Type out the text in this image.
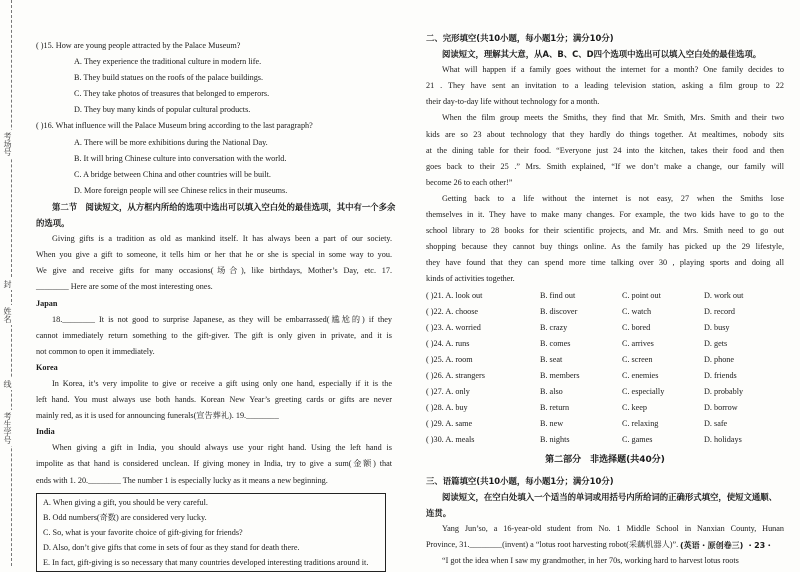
考场号
封
姓名
线
考生学号
( )15. How are young people attracted by the Palace Museum?
A. They experience the traditional culture in modern life.
B. They build statues on the roofs of the palace buildings.
C. They take photos of treasures that belonged to emperors.
D. They buy many kinds of popular cultural products.
( )16. What influence will the Palace Museum bring according to the last paragraph?
A. There will be more exhibitions during the National Day.
B. It will bring Chinese culture into conversation with the world.
C. A bridge between China and other countries will be built.
D. More foreign people will see Chinese relics in their museums.
第二节　阅读短文，从方框内所给的选项中选出可以填入空白处的最佳选项，其中有一个多余
的选项。
Giving gifts is a tradition as old as mankind itself. It has always been a part of our society.
When you give a gift to someone, it tells him or her that he or she is special in some way to you.
We give and receive gifts for many occasions(场合), like birthdays, Mother’s Day, etc. 17.
________ Here are some of the most interesting ones.
Japan
18.________ It is not good to surprise Japanese, as they will be embarrassed(尴尬的) if they
cannot immediately return something to the gift-giver. The gift is only given in private, and it is
not common to open it immediately.
Korea
In Korea, it’s very impolite to give or receive a gift using only one hand, especially if it is the
left hand. You must always use both hands. Korean New Year’s greeting cards or gifts are never
mainly red, as it is used for announcing funerals(宣告葬礼). 19.________
India
When giving a gift in India, you should always use your right hand. Using the left hand is
impolite as that hand is considered unclean. If giving money in India, try to give a sum(金额) that
ends with 1. 20.________ The number 1 is especially lucky as it means a new beginning.
A. When giving a gift, you should be very careful.
B. Odd numbers(奇数) are considered very lucky.
C. So, what is your favorite choice of gift-giving for friends?
D. Also, don’t give gifts that come in sets of four as they stand for death there.
E. In fact, gift-giving is so necessary that many countries developed interesting traditions around it.
二、完形填空(共10小题，每小题1分；满分10分)
阅读短文，理解其大意，从A、B、C、D四个选项中选出可以填入空白处的最佳选项。
What will happen if a family goes without the internet for a month? One family decides to
21 . They have sent an invitation to a leading television station, asking a film group to 22
their day-to-day life without technology for a month.
When the film group meets the Smiths, they find that Mr. Smith, Mrs. Smith and their two
kids are so 23 about technology that they hardly do things together. At mealtimes, nobody sits
at the dining table for their food. “Everyone just 24 into the kitchen, takes their food and then
goes back to their 25 .” Mrs. Smith explained, “If we don’t make a change, our family will
become 26 to each other!”
Getting back to a life without the internet is not easy, 27 when the Smiths lose
themselves in it. They have to make many changes. For example, the two kids have to go to the
school library to 28 books for their scientific projects, and Mr. and Mrs. Smith need to go out
shopping because they cannot buy things online. As the family has picked up the 29 lifestyle,
they have found that they can spend more time talking over 30 , playing sports and doing all
kinds of activities together.
( )21. A. look out	B. find out	C. point out	D. work out
( )22. A. choose	B. discover	C. watch	D. record
( )23. A. worried	B. crazy	C. bored	D. busy
( )24. A. runs	B. comes	C. arrives	D. gets
( )25. A. room	B. seat	C. screen	D. phone
( )26. A. strangers	B. members	C. enemies	D. friends
( )27. A. only	B. also	C. especially	D. probably
( )28. A. buy	B. return	C. keep	D. borrow
( )29. A. same	B. new	C. relaxing	D. safe
( )30. A. meals	B. nights	C. games	D. holidays
第二部分　非选择题(共40分)
三、语篇填空(共10小题，每小题1分；满分10分)
阅读短文，在空白处填入一个适当的单词或用括号内所给词的正确形式填空，使短文通顺、
连贯。
Yang Jun’so, a 16-year-old student from No. 1 Middle School in Nanxian County, Hunan
Province, 31.________(invent) a “lotus root harvesting robot(采藕机器人)”.
“I got the idea when I saw my grandmother, in her 70s, working hard to harvest lotus roots
(英语・原创卷三) ・23・
